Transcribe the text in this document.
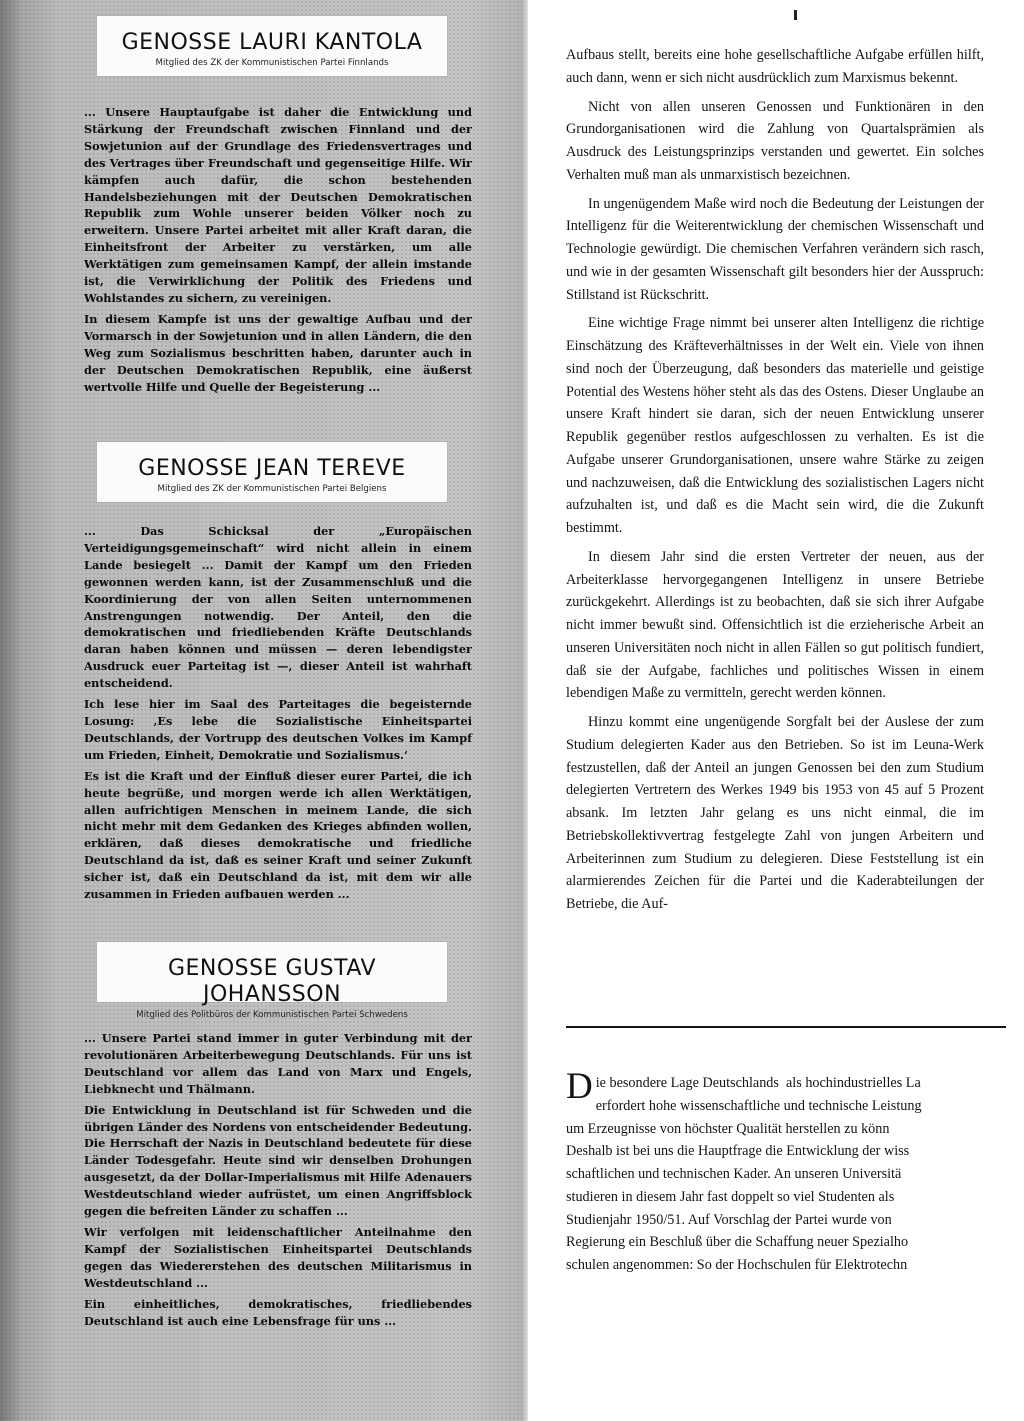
GENOSSE LAURI KANTOLA
Mitglied des ZK der Kommunistischen Partei Finnlands

... Unsere Hauptaufgabe ist daher die Entwicklung und Stärkung der Freundschaft zwischen Finnland und der Sowjetunion auf der Grundlage des Friedensvertrages und des Vertrages über Freundschaft und gegenseitige Hilfe. Wir kämpfen auch dafür, die schon bestehenden Handelsbeziehungen mit der Deutschen Demokratischen Republik zum Wohle unserer beiden Völker noch zu erweitern. Unsere Partei arbeitet mit aller Kraft daran, die Einheitsfront der Arbeiter zu verstärken, um alle Werktätigen zum gemeinsamen Kampf, der allein imstande ist, die Verwirklichung der Politik des Friedens und Wohlstandes zu sichern, zu vereinigen.

In diesem Kampfe ist uns der gewaltige Aufbau und der Vormarsch in der Sowjetunion und in allen Ländern, die den Weg zum Sozialismus beschritten haben, darunter auch in der Deutschen Demokratischen Republik, eine äußerst wertvolle Hilfe und Quelle der Begeisterung ...

GENOSSE JEAN TEREVE
Mitglied des ZK der Kommunistischen Partei Belgiens

... Das Schicksal der „Europäischen Verteidigungsgemeinschaft“ wird nicht allein in einem Lande besiegelt ... Damit der Kampf um den Frieden gewonnen werden kann, ist der Zusammenschluß und die Koordinierung der von allen Seiten unternommenen Anstrengungen notwendig. Der Anteil, den die demokratischen und friedliebenden Kräfte Deutschlands daran haben können und müssen — deren lebendigster Ausdruck euer Parteitag ist —, dieser Anteil ist wahrhaft entscheidend.

Ich lese hier im Saal des Parteitages die begeisternde Losung: ‚Es lebe die Sozialistische Einheitspartei Deutschlands, der Vortrupp des deutschen Volkes im Kampf um Frieden, Einheit, Demokratie und Sozialismus.‘

Es ist die Kraft und der Einfluß dieser eurer Partei, die ich heute begrüße, und morgen werde ich allen Werktätigen, allen aufrichtigen Menschen in meinem Lande, die sich nicht mehr mit dem Gedanken des Krieges abfinden wollen, erklären, daß dieses demokratische und friedliche Deutschland da ist, daß es seiner Kraft und seiner Zukunft sicher ist, daß ein Deutschland da ist, mit dem wir alle zusammen in Frieden aufbauen werden ...

GENOSSE GUSTAV JOHANSSON
Mitglied des Politbüros der Kommunistischen Partei Schwedens

... Unsere Partei stand immer in guter Verbindung mit der revolutionären Arbeiterbewegung Deutschlands. Für uns ist Deutschland vor allem das Land von Marx und Engels, Liebknecht und Thälmann.

Die Entwicklung in Deutschland ist für Schweden und die übrigen Länder des Nordens von entscheidender Bedeutung. Die Herrschaft der Nazis in Deutschland bedeutete für diese Länder Todesgefahr. Heute sind wir denselben Drohungen ausgesetzt, da der Dollar-Imperialismus mit Hilfe Adenauers Westdeutschland wieder aufrüstet, um einen Angriffsblock gegen die befreiten Länder zu schaffen ...

Wir verfolgen mit leidenschaftlicher Anteilnahme den Kampf der Sozialistischen Einheitspartei Deutschlands gegen das Wiedererstehen des deutschen Militarismus in Westdeutschland ...

Ein einheitliches, demokratisches, friedliebendes Deutschland ist auch eine Lebensfrage für uns ...

Aufbaus stellt, bereits eine hohe gesellschaftliche Aufgabe erfüllen hilft, auch dann, wenn er sich nicht ausdrücklich zum Marxismus bekennt.

Nicht von allen unseren Genossen und Funktionären in den Grundorganisationen wird die Zahlung von Quartalsprämien als Ausdruck des Leistungsprinzips verstanden und gewertet. Ein solches Verhalten muß man als unmarxistisch bezeichnen.

In ungenügendem Maße wird noch die Bedeutung der Leistungen der Intelligenz für die Weiterentwicklung der chemischen Wissenschaft und Technologie gewürdigt. Die chemischen Verfahren verändern sich rasch, und wie in der gesamten Wissenschaft gilt besonders hier der Ausspruch: Stillstand ist Rückschritt.

Eine wichtige Frage nimmt bei unserer alten Intelligenz die richtige Einschätzung des Kräfteverhältnisses in der Welt ein. Viele von ihnen sind noch der Überzeugung, daß besonders das materielle und geistige Potential des Westens höher steht als das des Ostens. Dieser Unglaube an unsere Kraft hindert sie daran, sich der neuen Entwicklung unserer Republik gegenüber restlos aufgeschlossen zu verhalten. Es ist die Aufgabe unserer Grundorganisationen, unsere wahre Stärke zu zeigen und nachzuweisen, daß die Entwicklung des sozialistischen Lagers nicht aufzuhalten ist, und daß es die Macht sein wird, die die Zukunft bestimmt.

In diesem Jahr sind die ersten Vertreter der neuen, aus der Arbeiterklasse hervorgegangenen Intelligenz in unsere Betriebe zurückgekehrt. Allerdings ist zu beobachten, daß sie sich ihrer Aufgabe nicht immer bewußt sind. Offensichtlich ist die erzieherische Arbeit an unseren Universitäten noch nicht in allen Fällen so gut politisch fundiert, daß sie der Aufgabe, fachliches und politisches Wissen in einem lebendigen Maße zu vermitteln, gerecht werden können.

Hinzu kommt eine ungenügende Sorgfalt bei der Auslese der zum Studium delegierten Kader aus den Betrieben. So ist im Leuna-Werk festzustellen, daß der Anteil an jungen Genossen bei den zum Studium delegierten Vertretern des Werkes 1949 bis 1953 von 45 auf 5 Prozent absank. Im letzten Jahr gelang es uns nicht einmal, die im Betriebskollektivvertrag festgelegte Zahl von jungen Arbeitern und Arbeiterinnen zum Studium zu delegieren. Diese Feststellung ist ein alarmierendes Zeichen für die Partei und die Kaderabteilungen der Betriebe, die Auf-

Die besondere Lage Deutschlands  als hochindustrielles La
erfordert hohe wissenschaftliche und technische Leistung
um Erzeugnisse von höchster Qualität herstellen zu könn
Deshalb ist bei uns die Hauptfrage die Entwicklung der wiss
schaftlichen und technischen Kader. An unseren Universitä
studieren in diesem Jahr fast doppelt so viel Studenten als
Studienjahr 1950/51. Auf Vorschlag der Partei wurde von
Regierung ein Beschluß über die Schaffung neuer Spezialho
schulen angenommen: So der Hochschulen für Elektrotechn
